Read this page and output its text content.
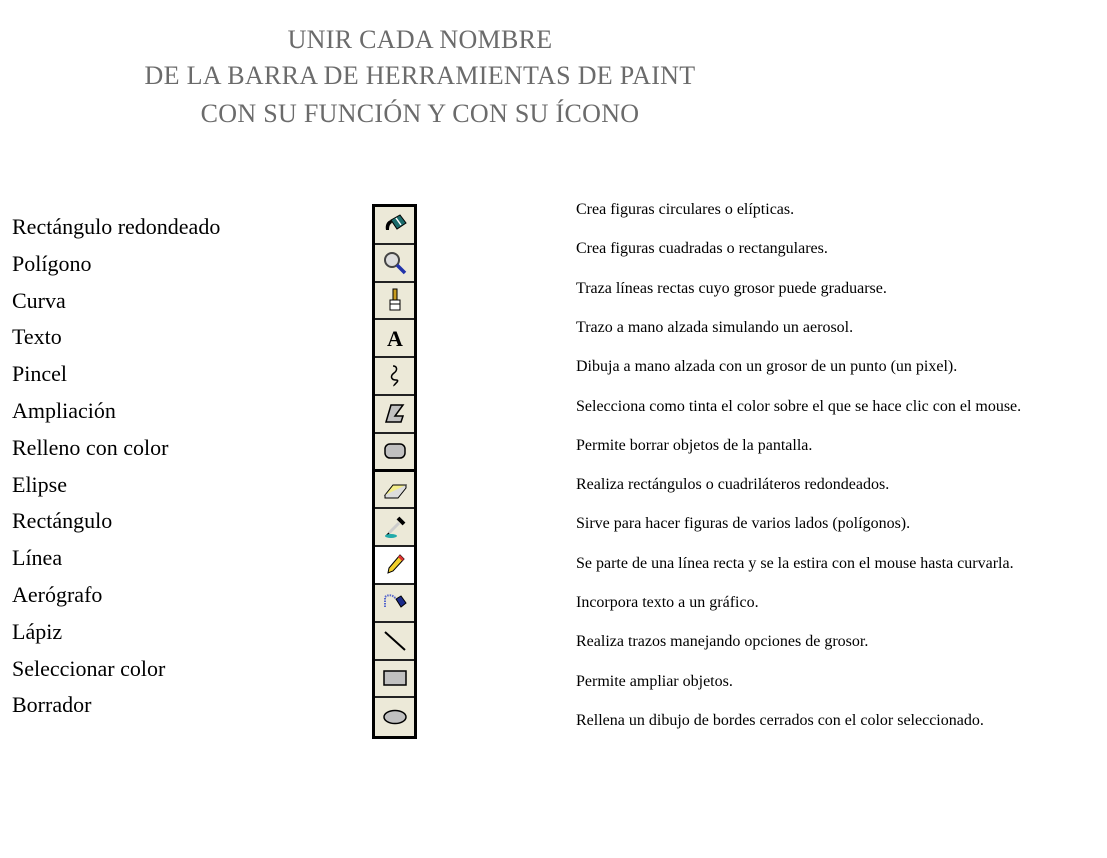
UNIR CADA NOMBRE
DE LA BARRA DE HERRAMIENTAS DE PAINT
CON SU FUNCIÓN Y CON SU ÍCONO
Rectángulo redondeado
Polígono
Curva
Texto
Pincel
Ampliación
Relleno con color
Elipse
Rectángulo
Línea
Aerógrafo
Lápiz
Seleccionar color
Borrador
A
Crea figuras circulares o elípticas.
Crea figuras cuadradas o rectangulares.
Traza líneas rectas cuyo grosor puede graduarse.
Trazo a mano alzada simulando un aerosol.
Dibuja a mano alzada con un grosor de un punto (un pixel).
Selecciona como tinta el color sobre el que se hace clic con el mouse.
Permite borrar objetos de la pantalla.
Realiza rectángulos o cuadriláteros redondeados.
Sirve para hacer figuras de varios lados (polígonos).
Se parte de una línea recta y se la estira con el mouse hasta curvarla.
Incorpora texto a un gráfico.
Realiza trazos manejando opciones de grosor.
Permite ampliar objetos.
Rellena un dibujo de bordes cerrados con el color seleccionado.
